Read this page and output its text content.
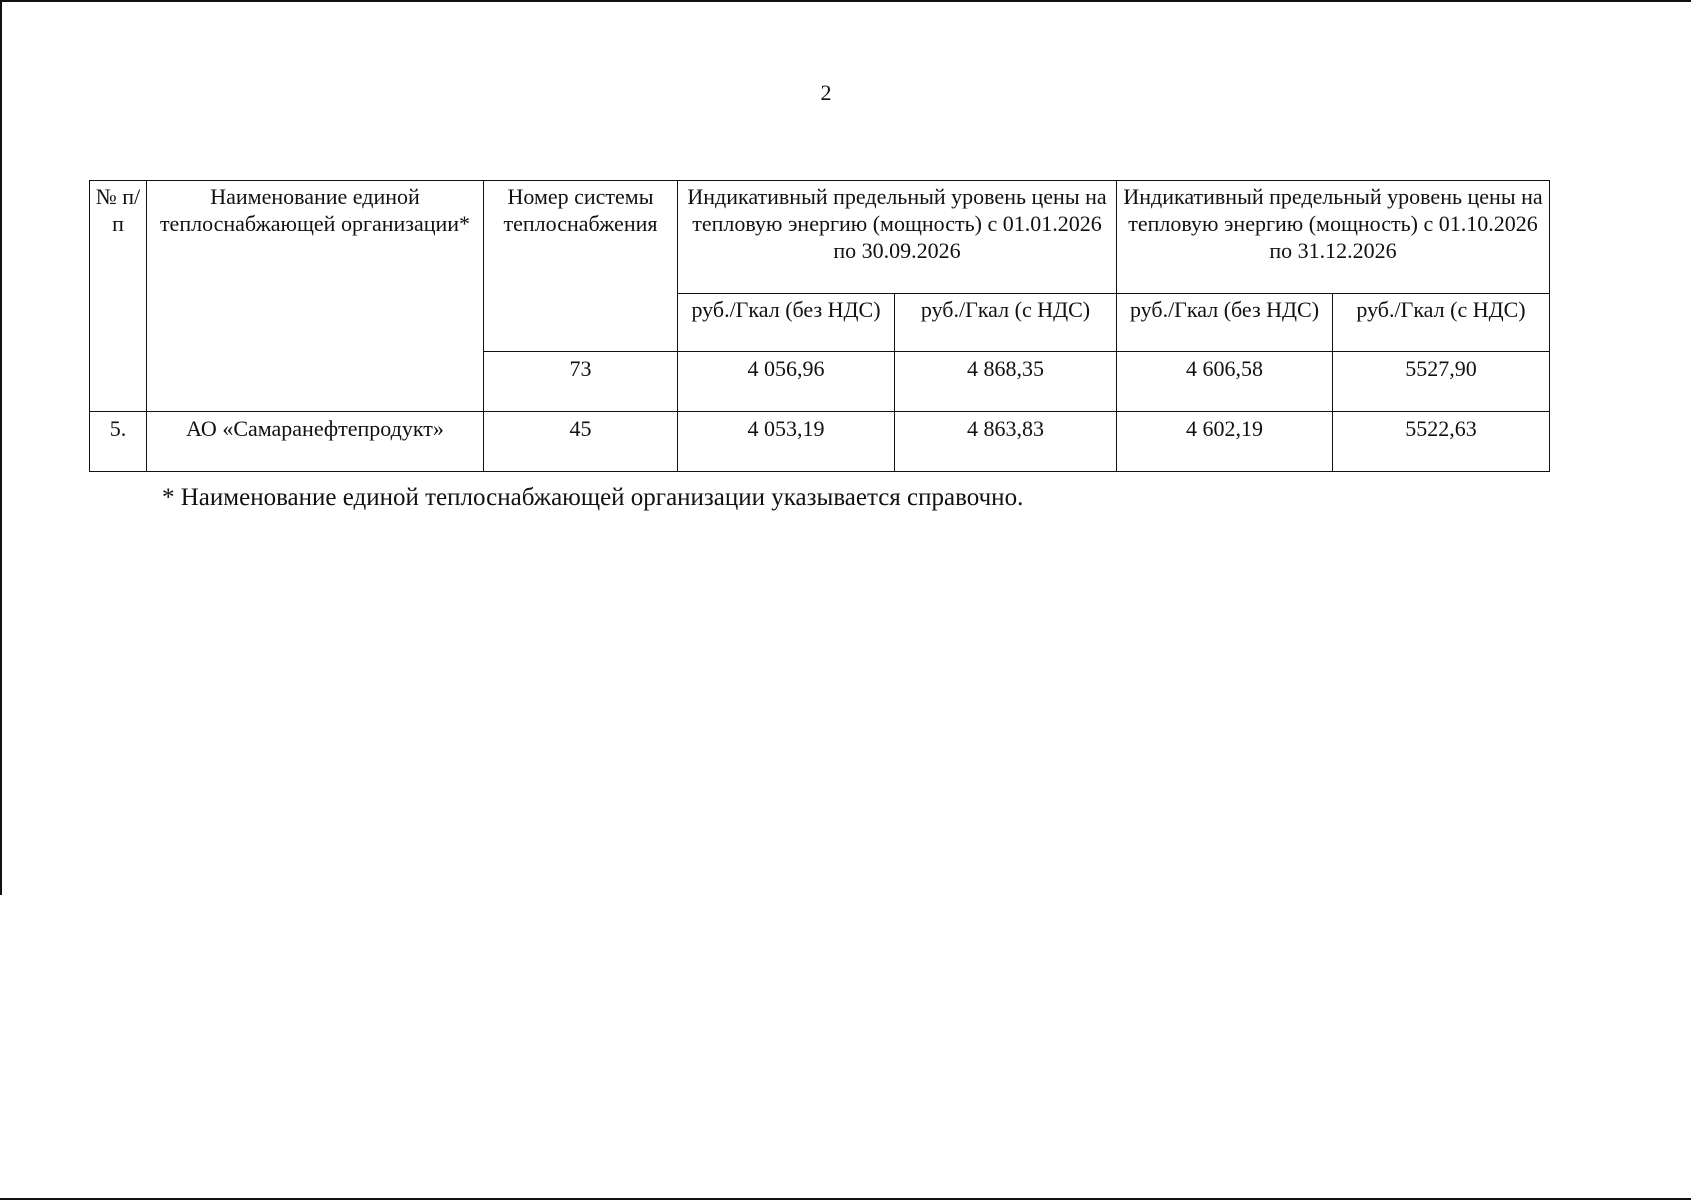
2
№ п/п	Наименование единой теплоснабжающей организации*	Номер системы теплоснабжения	Индикативный предельный уровень цены на тепловую энергию (мощность) с 01.01.2026 по 30.09.2026		Индикативный предельный уровень цены на тепловую энергию (мощность) с 01.10.2026 по 31.12.2026	
			руб./Гкал (без НДС)	руб./Гкал (с НДС)	руб./Гкал (без НДС)	руб./Гкал (с НДС)
		73	4 056,96	4 868,35	4 606,58	5527,90
5.	АО «Самаранефтепродукт»	45	4 053,19	4 863,83	4 602,19	5522,63
* Наименование единой теплоснабжающей организации указывается справочно.
